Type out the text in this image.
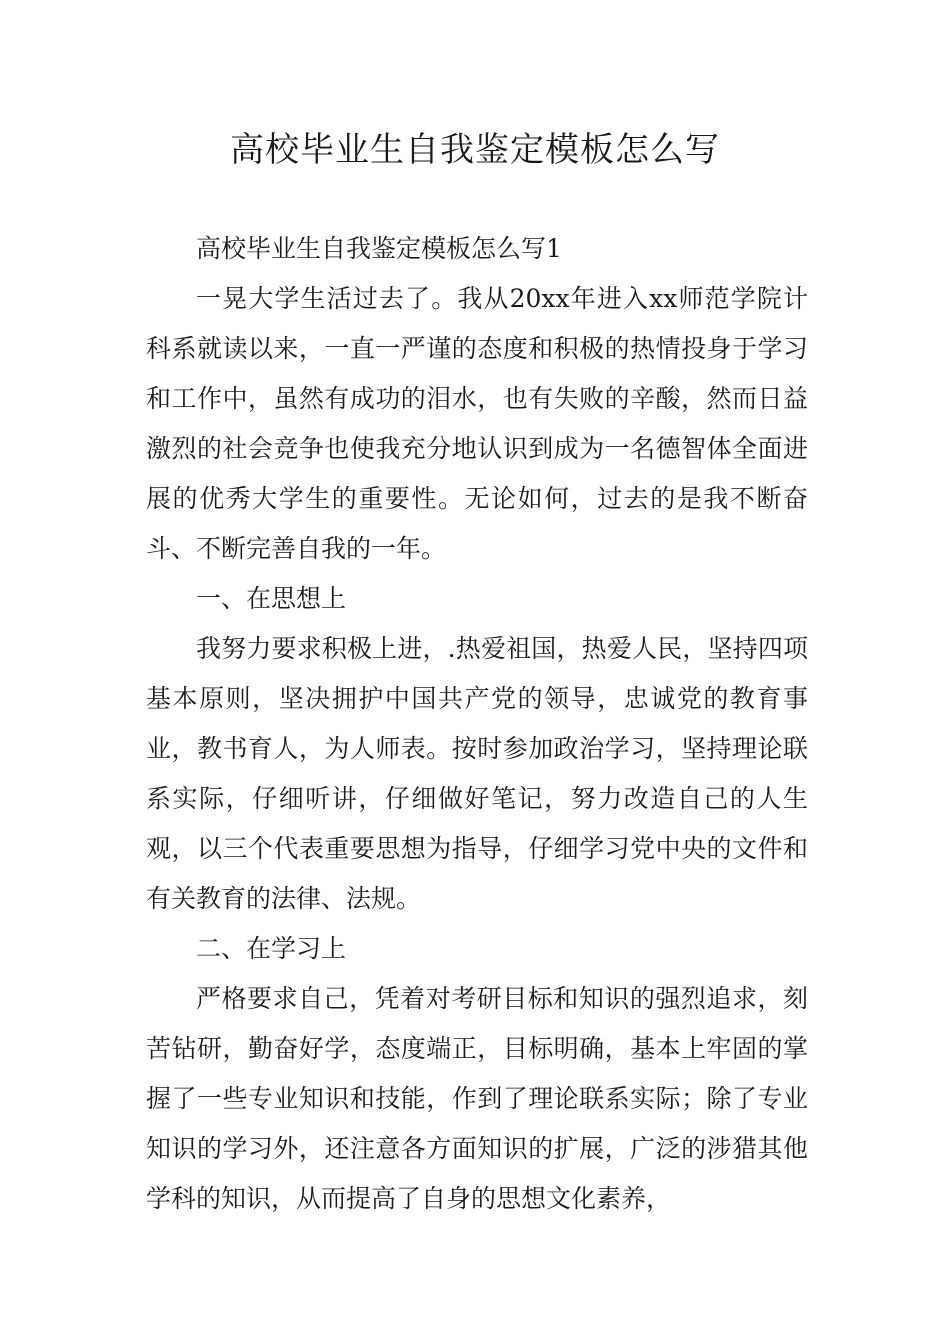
高校毕业生自我鉴定模板怎么写

高校毕业生自我鉴定模板怎么写1

一晃大学生活过去了。我从20xx年进入xx师范学院计科系就读以来，一直一严谨的态度和积极的热情投身于学习和工作中，虽然有成功的泪水，也有失败的辛酸，然而日益激烈的社会竞争也使我充分地认识到成为一名德智体全面进展的优秀大学生的重要性。无论如何，过去的是我不断奋斗、不断完善自我的一年。

一、在思想上

我努力要求积极上进，.热爱祖国，热爱人民，坚持四项基本原则，坚决拥护中国共产党的领导，忠诚党的教育事业，教书育人，为人师表。按时参加政治学习，坚持理论联系实际，仔细听讲，仔细做好笔记，努力改造自己的人生观，以三个代表重要思想为指导，仔细学习党中央的文件和有关教育的法律、法规。

二、在学习上

严格要求自己，凭着对考研目标和知识的强烈追求，刻苦钻研，勤奋好学，态度端正，目标明确，基本上牢固的掌握了一些专业知识和技能，作到了理论联系实际；除了专业知识的学习外，还注意各方面知识的扩展，广泛的涉猎其他学科的知识，从而提高了自身的思想文化素养，
